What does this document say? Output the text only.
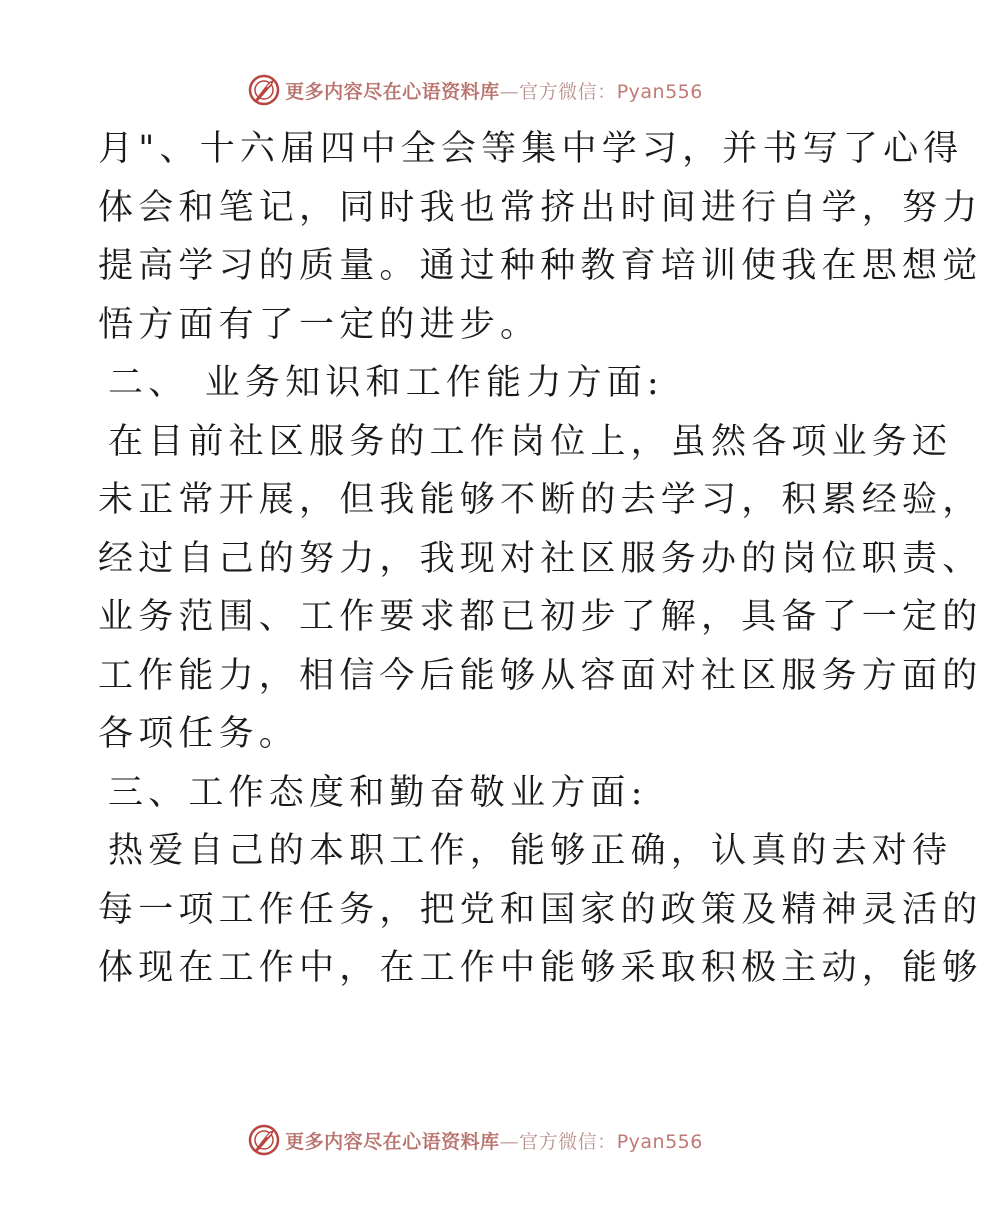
更多内容尽在心语资料库—官方微信：Pyan556
月"、十六届四中全会等集中学习，并书写了心得
体会和笔记，同时我也常挤出时间进行自学，努力
提高学习的质量。通过种种教育培训使我在思想觉
悟方面有了一定的进步。
二、 业务知识和工作能力方面:
在目前社区服务的工作岗位上，虽然各项业务还
未正常开展，但我能够不断的去学习，积累经验，
经过自己的努力，我现对社区服务办的岗位职责、
业务范围、工作要求都已初步了解，具备了一定的
工作能力，相信今后能够从容面对社区服务方面的
各项任务。
三、工作态度和勤奋敬业方面:
热爱自己的本职工作，能够正确，认真的去对待
每一项工作任务，把党和国家的政策及精神灵活的
体现在工作中，在工作中能够采取积极主动，能够
更多内容尽在心语资料库—官方微信：Pyan556
